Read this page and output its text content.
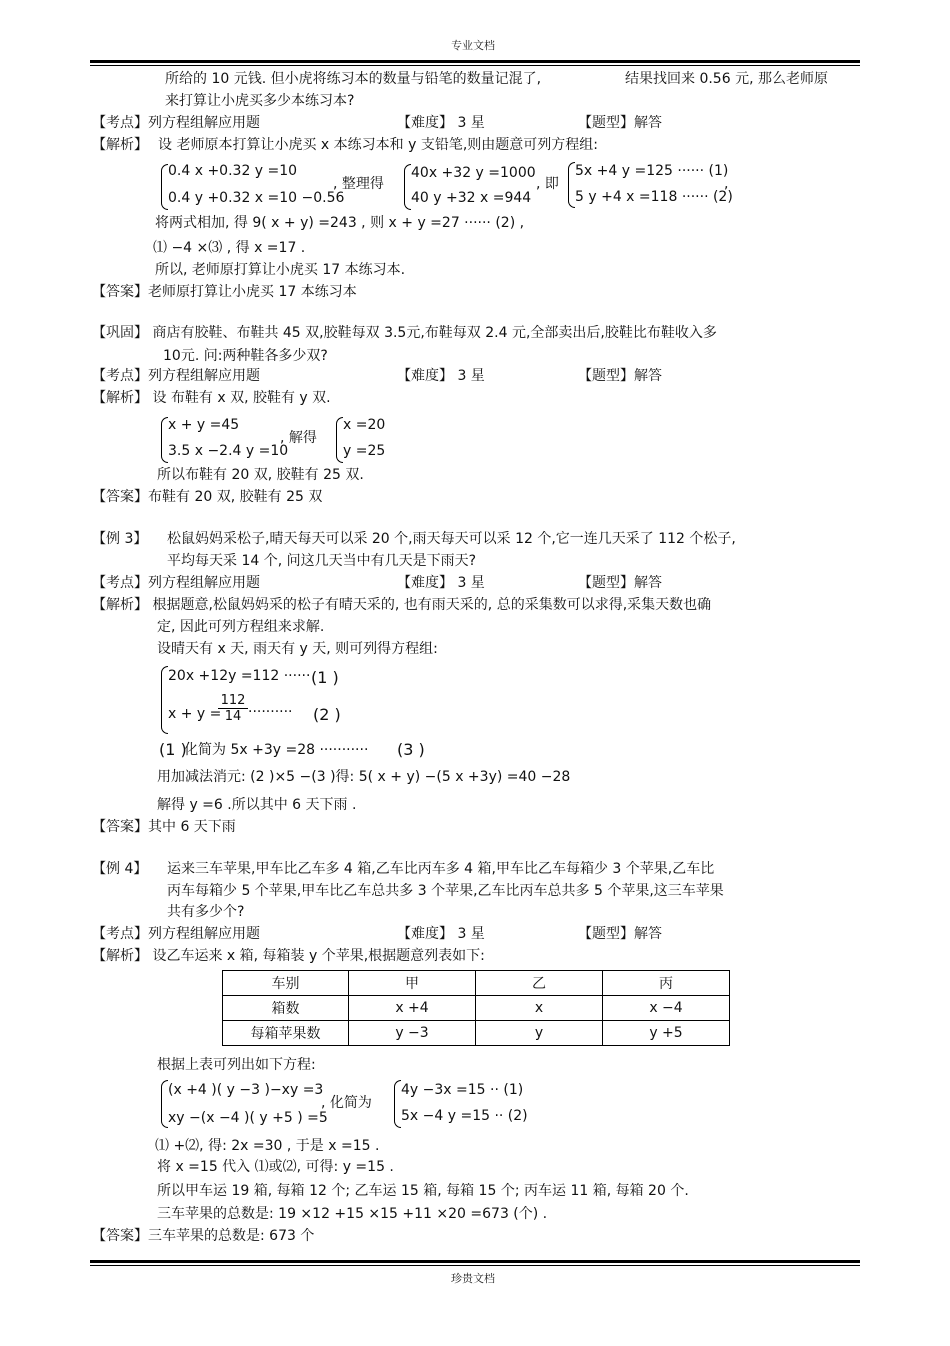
专业文档
所给的 10 元钱. 但小虎将练习本的数量与铅笔的数量记混了,	结果找回来 0.56 元, 那么老师原
来打算让小虎买多少本练习本?
【考点】列方程组解应用题	【难度】 3 星	【题型】解答
【解析】 设 老师原本打算让小虎买 x 本练习本和 y 支铅笔,则由题意可列方程组:
0.4 x +0.32 y =10
0.4 y +0.32 x =10 −0.56
, 整理得
40x +32 y =1000
40 y +32 x =944
, 即
5x +4 y =125 ······ (1)
5 y +4 x =118 ······ (2)
,
将两式相加, 得 9( x + y) =243 , 则 x + y =27 ······ (2) ,
⑴ −4 ×⑶ , 得 x =17 .
所以, 老师原打算让小虎买 17 本练习本.
【答案】老师原打算让小虎买 17 本练习本
【巩固】 商店有胶鞋、布鞋共 45 双,胶鞋每双 3.5元,布鞋每双 2.4 元,全部卖出后,胶鞋比布鞋收入多
10元. 问:两种鞋各多少双?
【考点】列方程组解应用题	【难度】 3 星	【题型】解答
【解析】 设 布鞋有 x 双, 胶鞋有 y 双.
x + y =45
3.5 x −2.4 y =10
, 解得
x =20
y =25
所以布鞋有 20 双, 胶鞋有 25 双.
【答案】布鞋有 20 双, 胶鞋有 25 双
【例 3】 松鼠妈妈采松子,晴天每天可以采 20 个,雨天每天可以采 12 个,它一连几天采了 112 个松子,
平均每天采 14 个, 问这几天当中有几天是下雨天?
【考点】列方程组解应用题	【难度】 3 星	【题型】解答
【解析】 根据题意,松鼠妈妈采的松子有晴天采的, 也有雨天采的, 总的采集数可以求得,采集天数也确
定, 因此可列方程组来求解.
设晴天有 x 天, 雨天有 y 天, 则可列得方程组:
20x +12y =112 ······ (1 )
x + y =
$\frac{112}{14}$ ·········· (2 )
(1 )
化简为 5x +3y =28 ··········· (3 )
用加减法消元: (2 )×5 −(3 )得: 5( x + y) −(5 x +3y) =40 −28
解得 y =6 .所以其中 6 天下雨 .
【答案】其中 6 天下雨
【例 4】 运来三车苹果,甲车比乙车多 4 箱,乙车比丙车多 4 箱,甲车比乙车每箱少 3 个苹果,乙车比
丙车每箱少 5 个苹果,甲车比乙车总共多 3 个苹果,乙车比丙车总共多 5 个苹果,这三车苹果
共有多少个?
【考点】列方程组解应用题	【难度】 3 星	【题型】解答
【解析】 设乙车运来 x 箱, 每箱装 y 个苹果,根据题意列表如下:
车别	甲	乙	丙
箱数	x +4	x	x −4
每箱苹果数	y −3	y	y +5
根据上表可列出如下方程:
(x +4 )( y −3 )−xy =3
xy −(x −4 )( y +5 ) =5
, 化简为
4y −3x =15 ·· (1)
5x −4 y =15 ·· (2)
⑴ +⑵, 得: 2x =30 , 于是 x =15 .
将 x =15 代入 ⑴或⑵, 可得: y =15 .
所以甲车运 19 箱, 每箱 12 个; 乙车运 15 箱, 每箱 15 个; 丙车运 11 箱, 每箱 20 个.
三车苹果的总数是: 19 ×12 +15 ×15 +11 ×20 =673 (个) .
【答案】三车苹果的总数是: 673 个
珍贵文档
